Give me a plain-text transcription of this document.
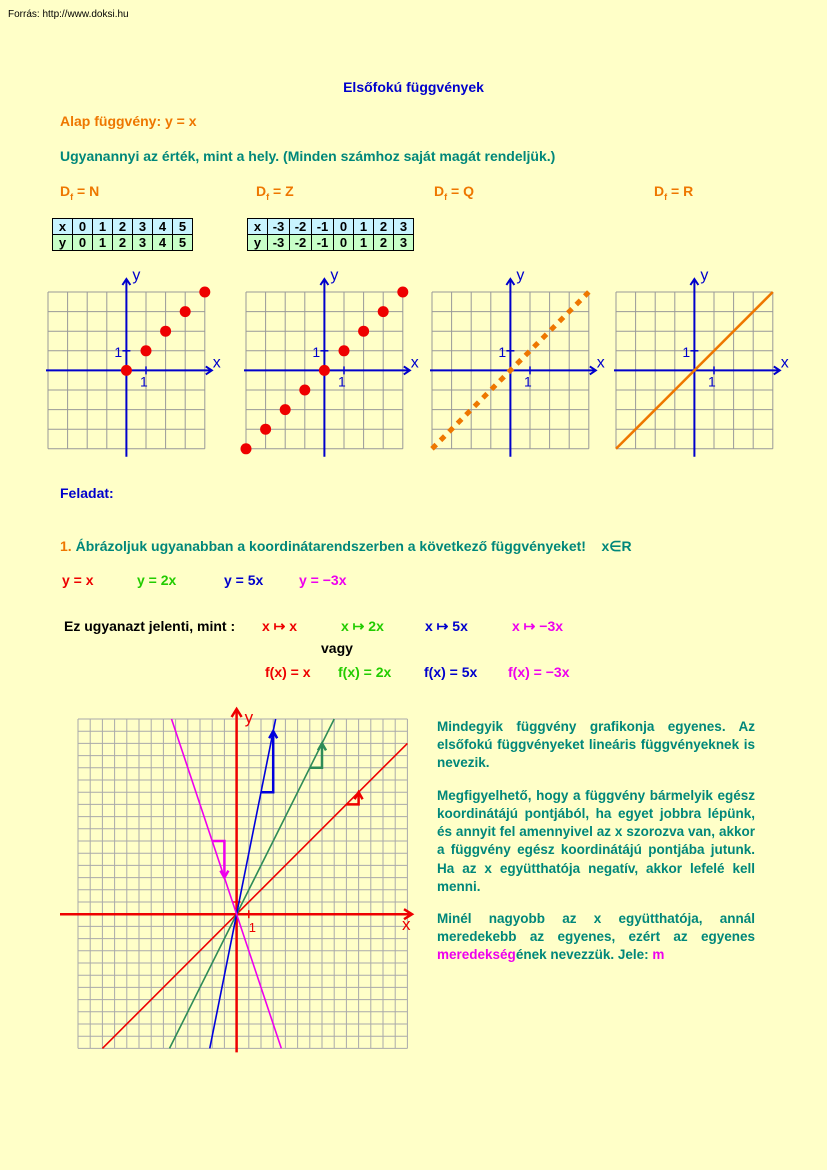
Forrás: http://www.doksi.hu
Elsőfokú függvények
Alap függvény: y = x
Ugyanannyi az érték, mint a hely. (Minden számhoz saját magát rendeljük.)
$D_f = N$	$D_f = Z$	$D_f = Q$	$D_f = R$
x	0	1	2	3	4	5
y	0	1	2	3	4	5
x	-3	-2	-1	0	1	2	3
y	-3	-2	-1	0	1	2	3
x
y
1
1
x
y
1
1
x
y
1
1
x
y
1
1
Feladat:
1. Ábrázoljuk ugyanabban a koordinátarendszerben a következő függvényeket! x∈R
y = x	y = 2x	y = 5x	y = −3x
Ez ugyanazt jelenti, mint : x ↦ x	x ↦ 2x	x ↦ 5x	x ↦ −3x
vagy
f(x) = x f(x) = 2x f(x) = 5x f(x) = −3x
x
y
1

Mindegyik függvény grafikonja egyenes. Az elsőfokú függvényeket lineáris függvényeknek is nevezik.

Megfigyelhető, hogy a függvény bármelyik egész koordinátájú pontjából, ha egyet jobbra lépünk, és annyit fel amennyivel az x szorozva van, akkor a függvény egész koordinátájú pontjába jutunk. Ha az x együtthatója negatív, akkor lefelé kell menni.

Minél nagyobb az x együtthatója, annál meredekebb az egyenes, ezért az egyenes meredekségének nevezzük. Jele: m
